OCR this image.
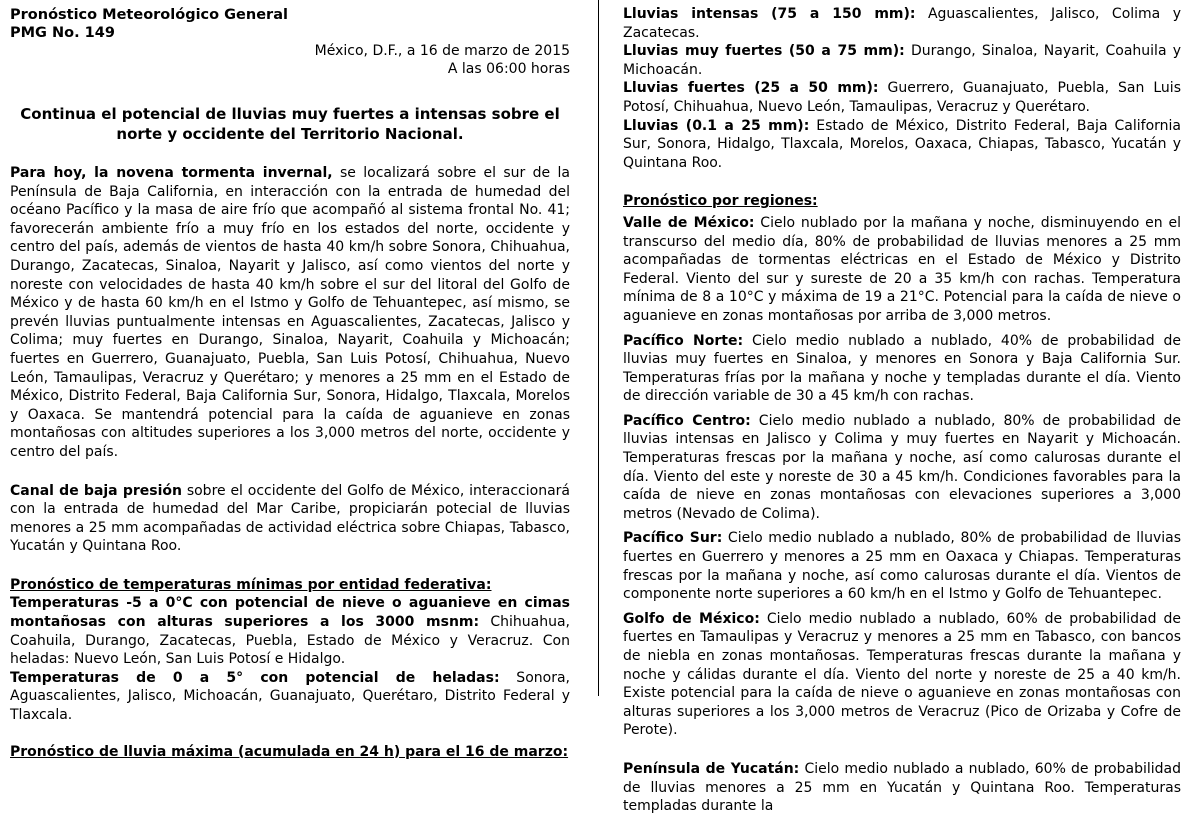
Pronóstico Meteorológico General
PMG No. 149
México, D.F., a 16 de marzo de 2015
A las 06:00 horas
Continua el potencial de lluvias muy fuertes a intensas sobre el norte y occidente del Territorio Nacional.

Para hoy, la novena tormenta invernal, se localizará sobre el sur de la Península de Baja California, en interacción con la entrada de humedad del océano Pacífico y la masa de aire frío que acompañó al sistema frontal No. 41; favorecerán ambiente frío a muy frío en los estados del norte, occidente y centro del país, además de vientos de hasta 40 km/h sobre Sonora, Chihuahua, Durango, Zacatecas, Sinaloa, Nayarit y Jalisco, así como vientos del norte y noreste con velocidades de hasta 40 km/h sobre el sur del litoral del Golfo de México y de hasta 60 km/h en el Istmo y Golfo de Tehuantepec, así mismo, se prevén lluvias puntualmente intensas en Aguascalientes, Zacatecas, Jalisco y Colima; muy fuertes en Durango, Sinaloa, Nayarit, Coahuila y Michoacán; fuertes en Guerrero, Guanajuato, Puebla, San Luis Potosí, Chihuahua, Nuevo León, Tamaulipas, Veracruz y Querétaro; y menores a 25 mm en el Estado de México, Distrito Federal, Baja California Sur, Sonora, Hidalgo, Tlaxcala, Morelos y Oaxaca. Se mantendrá potencial para la caída de aguanieve en zonas montañosas con altitudes superiores a los 3,000 metros del norte, occidente y centro del país.

Canal de baja presión sobre el occidente del Golfo de México, interaccionará con la entrada de humedad del Mar Caribe, propiciarán potecial de lluvias menores a 25 mm acompañadas de actividad eléctrica sobre Chiapas, Tabasco, Yucatán y Quintana Roo.

Pronóstico de temperaturas mínimas por entidad federativa:

Temperaturas -5 a 0°C con potencial de nieve o aguanieve en cimas montañosas con alturas superiores a los 3000 msnm: Chihuahua, Coahuila, Durango, Zacatecas, Puebla, Estado de México y Veracruz. Con heladas: Nuevo León, San Luis Potosí e Hidalgo.

Temperaturas de 0 a 5° con potencial de heladas: Sonora, Aguascalientes, Jalisco, Michoacán, Guanajuato, Querétaro, Distrito Federal y Tlaxcala.

Pronóstico de lluvia máxima (acumulada en 24 h) para el 16 de marzo:

Lluvias intensas (75 a 150 mm): Aguascalientes, Jalisco, Colima y Zacatecas.

Lluvias muy fuertes (50 a 75 mm): Durango, Sinaloa, Nayarit, Coahuila y Michoacán.

Lluvias fuertes (25 a 50 mm): Guerrero, Guanajuato, Puebla, San Luis Potosí, Chihuahua, Nuevo León, Tamaulipas, Veracruz y Querétaro.

Lluvias (0.1 a 25 mm): Estado de México, Distrito Federal, Baja California Sur, Sonora, Hidalgo, Tlaxcala, Morelos, Oaxaca, Chiapas, Tabasco, Yucatán y Quintana Roo.

Pronóstico por regiones:

Valle de México: Cielo nublado por la mañana y noche, disminuyendo en el transcurso del medio día, 80% de probabilidad de lluvias menores a 25 mm acompañadas de tormentas eléctricas en el Estado de México y Distrito Federal. Viento del sur y sureste de 20 a 35 km/h con rachas. Temperatura mínima de 8 a 10°C y máxima de 19 a 21°C. Potencial para la caída de nieve o aguanieve en zonas montañosas por arriba de 3,000 metros.

Pacífico Norte: Cielo medio nublado a nublado, 40% de probabilidad de lluvias muy fuertes en Sinaloa, y menores en Sonora y Baja California Sur. Temperaturas frías por la mañana y noche y templadas durante el día. Viento de dirección variable de 30 a 45 km/h con rachas.

Pacífico Centro: Cielo medio nublado a nublado, 80% de probabilidad de lluvias intensas en Jalisco y Colima y muy fuertes en Nayarit y Michoacán. Temperaturas frescas por la mañana y noche, así como calurosas durante el día. Viento del este y noreste de 30 a 45 km/h. Condiciones favorables para la caída de nieve en zonas montañosas con elevaciones superiores a 3,000 metros (Nevado de Colima).

Pacífico Sur: Cielo medio nublado a nublado, 80% de probabilidad de lluvias fuertes en Guerrero y menores a 25 mm en Oaxaca y Chiapas. Temperaturas frescas por la mañana y noche, así como calurosas durante el día. Vientos de componente norte superiores a 60 km/h en el Istmo y Golfo de Tehuantepec.

Golfo de México: Cielo medio nublado a nublado, 60% de probabilidad de fuertes en Tamaulipas y Veracruz y menores a 25 mm en Tabasco, con bancos de niebla en zonas montañosas. Temperaturas frescas durante la mañana y noche y cálidas durante el día. Viento del norte y noreste de 25 a 40 km/h. Existe potencial para la caída de nieve o aguanieve en zonas montañosas con alturas superiores a los 3,000 metros de Veracruz (Pico de Orizaba y Cofre de Perote).

Península de Yucatán: Cielo medio nublado a nublado, 60% de probabilidad de lluvias menores a 25 mm en Yucatán y Quintana Roo. Temperaturas templadas durante la
